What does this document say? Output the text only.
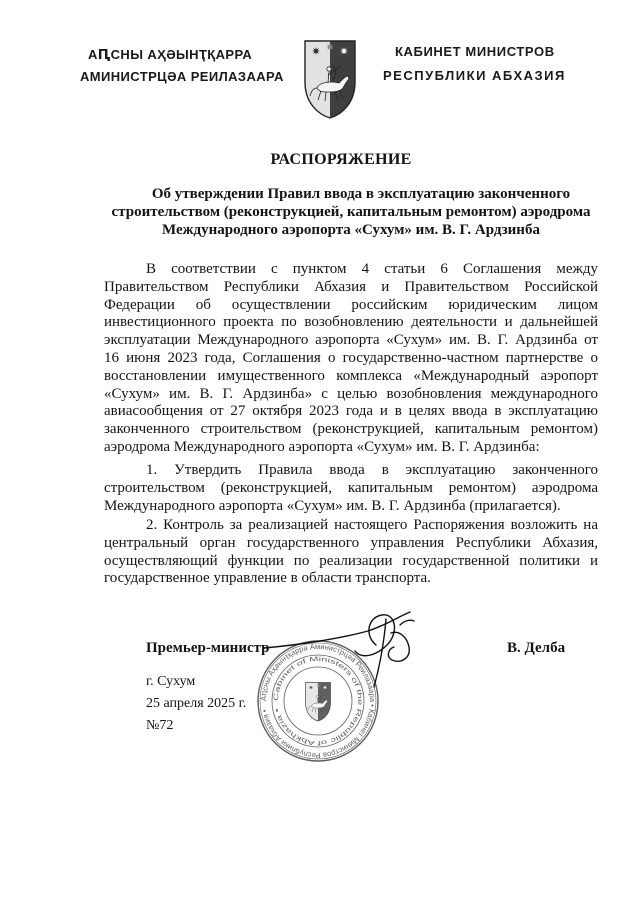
АԤСНЫ АҲӘЫНҬҚАРРА
АМИНИСТРЦӘА РЕИЛАЗААРА
КАБИНЕТ МИНИСТРОВ
РЕСПУБЛИКИ АБХАЗИЯ
РАСПОРЯЖЕНИЕ
Об утверждении Правил ввода в эксплуатацию законченного
строительством (реконструкцией, капитальным ремонтом) аэродрома
Международного аэропорта «Сухум» им. В. Г. Ардзинба
В соответствии с пунктом 4 статьи 6 Соглашения между
Правительством Республики Абхазия и Правительством Российской
Федерации об осуществлении российским юридическим лицом
инвестиционного проекта по возобновлению деятельности и дальнейшей
эксплуатации Международного аэропорта «Сухум» им. В. Г. Ардзинба от
16 июня 2023 года, Соглашения о государственно-частном партнерстве о
восстановлении имущественного комплекса «Международный аэропорт
«Сухум» им. В. Г. Ардзинба» с целью возобновления международного
авиасообщения от 27 октября 2023 года и в целях ввода в эксплуатацию
законченного строительством (реконструкцией, капитальным ремонтом)
аэродрома Международного аэропорта «Сухум» им. В. Г. Ардзинба:
1. Утвердить Правила ввода в эксплуатацию законченного
строительством (реконструкцией, капитальным ремонтом) аэродрома
Международного аэропорта «Сухум» им. В. Г. Ардзинба (прилагается).
2. Контроль за реализацией настоящего Распоряжения возложить на
центральный орган государственного управления Республики Абхазия,
осуществляющий функции по реализации государственной политики и
государственное управление в области транспорта.
Аԥсны Аҳәынҭқарра Аминистрцәа Реилазаара • Кабинет Министров Республики Абхазия •
Cabinet of Ministers of the Republic of Abkhazia •
Премьер-министр	В. Делба
г. Сухум
25 апреля 2025 г.
№72
